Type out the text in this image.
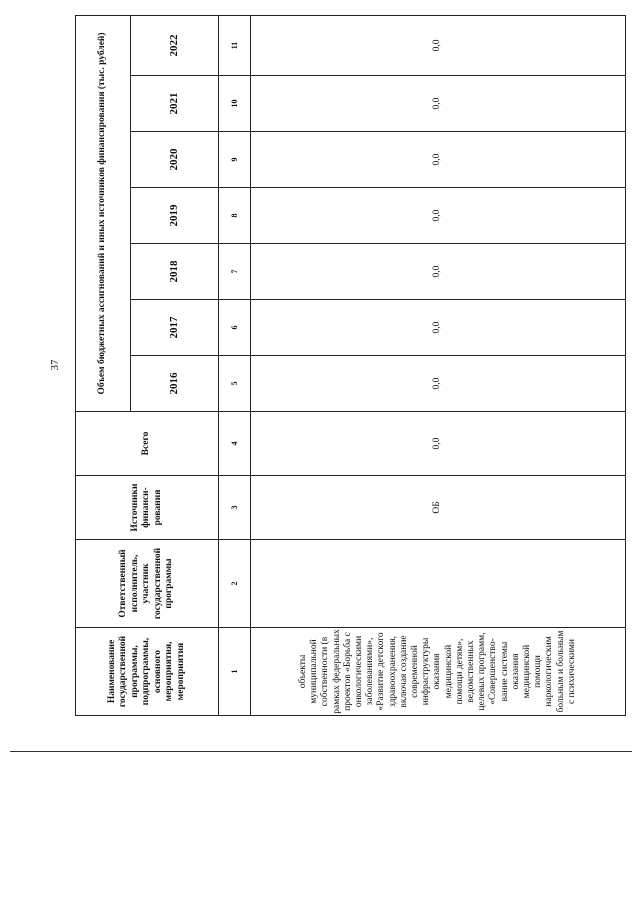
37
Наименование государственной программы, подпрограммы, основного мероприятия, мероприятия	Ответственный исполнитель, участник государственной программы	Источники финанси-рования	Всего	Объем бюджетных ассигнований и иных источников финансирования (тыс. рублей)						
				2016	2017	2018	2019	2020	2021	2022
1	2	3	4	5	6	7	8	9	10	11
объекты муниципальной собственности (в рамках федеральных проектов «Борьба с онкологическими заболеваниями», «Развитие детского здравоохранения, включая создание современной инфраструктуры оказания медицинской помощи детям», ведомственных целевых программ, «Совершенство-вание системы оказания медицинской помощи наркологическим больным и больным с психическими		ОБ	0,0	0,0	0,0	0,0	0,0	0,0	0,0	0,0
